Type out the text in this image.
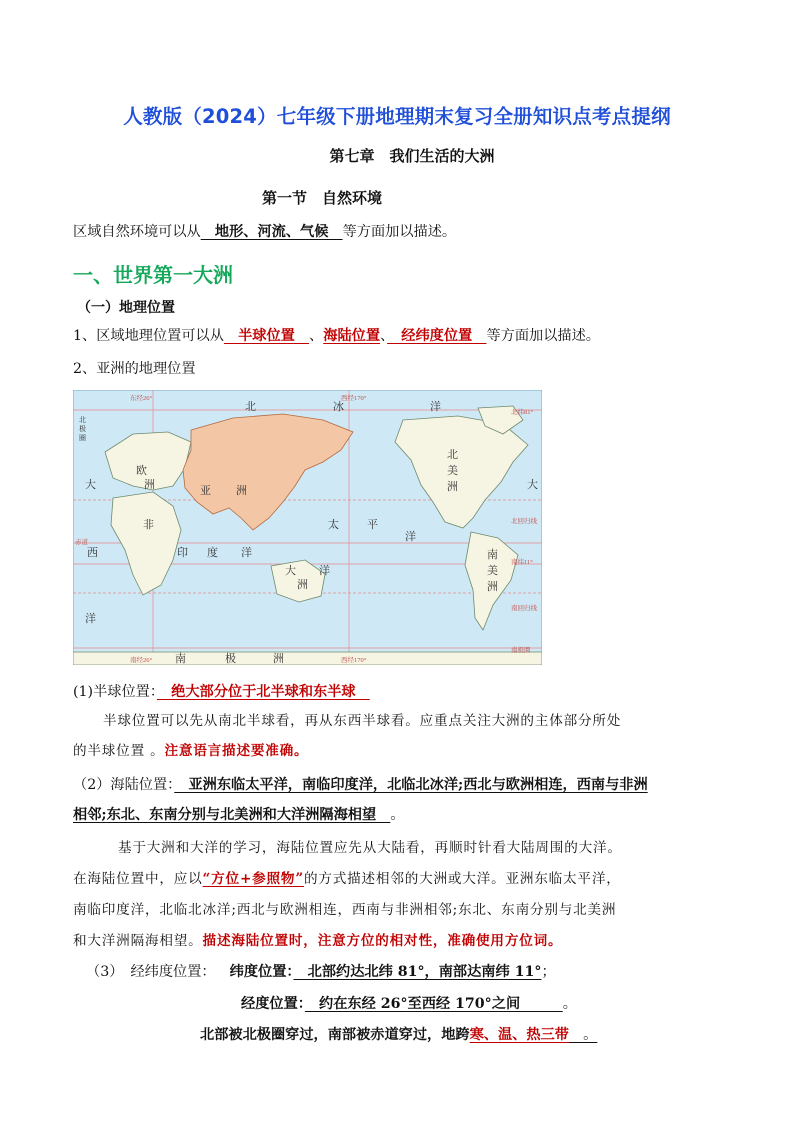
人教版（2024）七年级下册地理期末复习全册知识点考点提纲
第七章　我们生活的大洲
第一节　自然环境
区域自然环境可以从　地形、河流、气候　等方面加以描述。
一、世界第一大洲
（一）地理位置
1、区域地理位置可以从　半球位置　、海陆位置、　经纬度位置　等方面加以描述。
2、亚洲的地理位置
东经26°	西经170°
北	冰	洋	北纬81°
北
极
圈
欧
洲	亚 洲
北
美
洲
大	大
非	北回归线
赤道
西	印 度 洋
太	平
洋
南
美
洲
南纬11°
大 洋
洲
南回归线
洋
南极圈
南经26° 南	极	洲	西经170°
(1)半球位置：　绝大部分位于北半球和东半球　
半球位置可以先从南北半球看，再从东西半球看。应重点关注大洲的主体部分所处
的半球位置 。注意语言描述要准确。
（2）海陆位置：　亚洲东临太平洋，南临印度洋，北临北冰洋;西北与欧洲相连，西南与非洲
相邻;东北、东南分别与北美洲和大洋洲隔海相望　。
基于大洲和大洋的学习，海陆位置应先从大陆看，再顺时针看大陆周围的大洋。
在海陆位置中，应以“方位+参照物”的方式描述相邻的大洲或大洋。亚洲东临太平洋，
南临印度洋，北临北冰洋;西北与欧洲相连，西南与非洲相邻;东北、东南分别与北美洲
和大洋洲隔海相望。描述海陆位置时，注意方位的相对性，准确使用方位词。
（3）　经纬度位置： 纬度位置：　北部约达北纬 81°，南部达南纬 11°；
经度位置：　约在东经 26°至西经 170°之间　　　。
北部被北极圈穿过，南部被赤道穿过，地跨寒、温、热三带　。
